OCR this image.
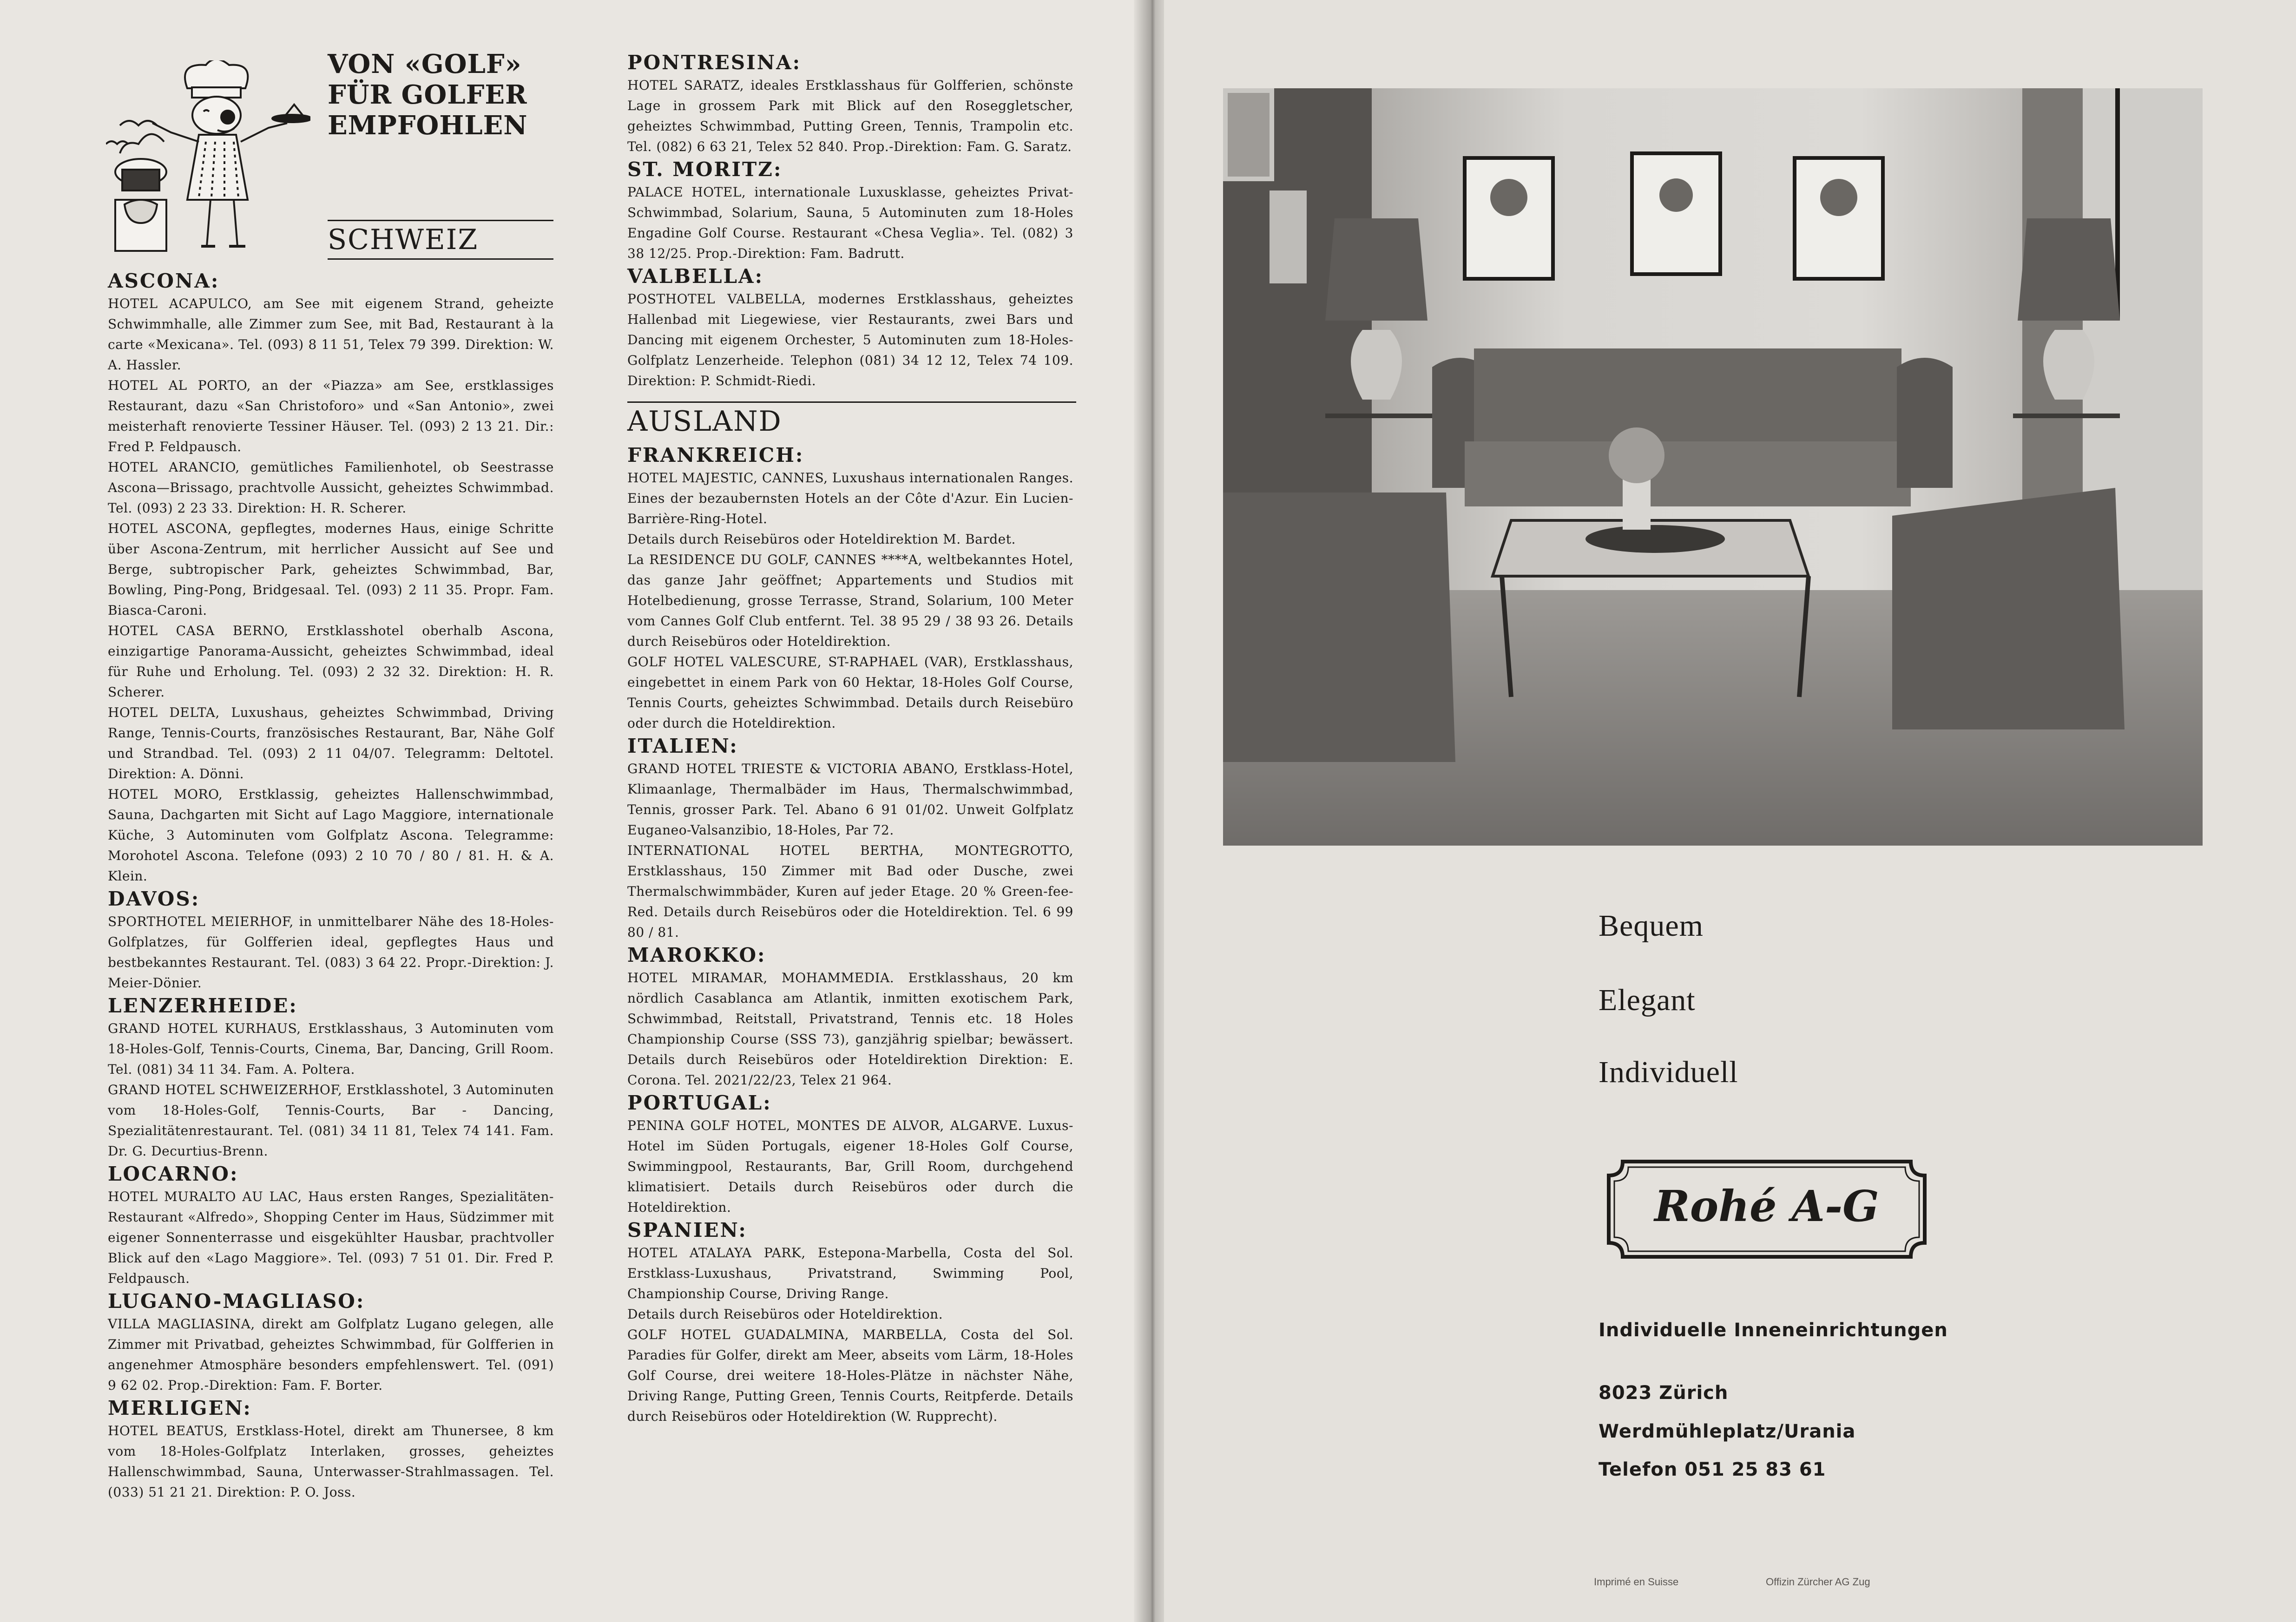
VON «GOLF»
FÜR GOLFER
EMPFOHLEN
SCHWEIZ

ASCONA:

HOTEL ACAPULCO, am See mit eigenem Strand, geheizte Schwimmhalle, alle Zimmer zum See, mit Bad, Restaurant à la carte «Mexicana». Tel. (093) 8 11 51, Telex 79 399. Direktion: W. A. Hassler.

HOTEL AL PORTO, an der «Piazza» am See, erstklassiges Restaurant, dazu «San Christoforo» und «San Antonio», zwei meisterhaft renovierte Tessiner Häuser. Tel. (093) 2 13 21. Dir.: Fred P. Feldpausch.

HOTEL ARANCIO, gemütliches Familienhotel, ob Seestrasse Ascona—Brissago, prachtvolle Aussicht, geheiztes Schwimmbad. Tel. (093) 2 23 33. Direktion: H. R. Scherer.

HOTEL ASCONA, gepflegtes, modernes Haus, einige Schritte über Ascona-Zentrum, mit herrlicher Aussicht auf See und Berge, subtropischer Park, geheiztes Schwimmbad, Bar, Bowling, Ping-Pong, Bridgesaal. Tel. (093) 2 11 35. Propr. Fam. Biasca-Caroni.

HOTEL CASA BERNO, Erstklasshotel oberhalb Ascona, einzigartige Panorama-Aussicht, geheiztes Schwimmbad, ideal für Ruhe und Erholung. Tel. (093) 2 32 32. Direktion: H. R. Scherer.

HOTEL DELTA, Luxushaus, geheiztes Schwimmbad, Driving Range, Tennis-Courts, französisches Restaurant, Bar, Nähe Golf und Strandbad. Tel. (093) 2 11 04/07. Telegramm: Deltotel. Direktion: A. Dönni.

HOTEL MORO, Erstklassig, geheiztes Hallenschwimmbad, Sauna, Dachgarten mit Sicht auf Lago Maggiore, internationale Küche, 3 Autominuten vom Golfplatz Ascona. Telegramme: Morohotel Ascona. Telefone (093) 2 10 70 / 80 / 81. H. & A. Klein.

DAVOS:

SPORTHOTEL MEIERHOF, in unmittelbarer Nähe des 18-Holes-Golfplatzes, für Golfferien ideal, gepflegtes Haus und bestbekanntes Restaurant. Tel. (083) 3 64 22. Propr.-Direktion: J. Meier-Dönier.

LENZERHEIDE:

GRAND HOTEL KURHAUS, Erstklasshaus, 3 Autominuten vom 18-Holes-Golf, Tennis-Courts, Cinema, Bar, Dancing, Grill Room. Tel. (081) 34 11 34. Fam. A. Poltera.

GRAND HOTEL SCHWEIZERHOF, Erstklasshotel, 3 Autominuten vom 18-Holes-Golf, Tennis-Courts, Bar - Dancing, Spezialitätenrestaurant. Tel. (081) 34 11 81, Telex 74 141. Fam. Dr. G. Decurtius-Brenn.

LOCARNO:

HOTEL MURALTO AU LAC, Haus ersten Ranges, Spezialitäten-Restaurant «Alfredo», Shopping Center im Haus, Südzimmer mit eigener Sonnenterrasse und eisgekühlter Hausbar, prachtvoller Blick auf den «Lago Maggiore». Tel. (093) 7 51 01. Dir. Fred P. Feldpausch.

LUGANO-MAGLIASO:

VILLA MAGLIASINA, direkt am Golfplatz Lugano gelegen, alle Zimmer mit Privatbad, geheiztes Schwimmbad, für Golfferien in angenehmer Atmosphäre besonders empfehlenswert. Tel. (091) 9 62 02. Prop.-Direktion: Fam. F. Borter.

MERLIGEN:

HOTEL BEATUS, Erstklass-Hotel, direkt am Thunersee, 8 km vom 18-Holes-Golfplatz Interlaken, grosses, geheiztes Hallenschwimmbad, Sauna, Unterwasser-Strahlmassagen. Tel. (033) 51 21 21. Direktion: P. O. Joss.

PONTRESINA:

HOTEL SARATZ, ideales Erstklasshaus für Golfferien, schönste Lage in grossem Park mit Blick auf den Roseggletscher, geheiztes Schwimmbad, Putting Green, Tennis, Trampolin etc. Tel. (082) 6 63 21, Telex 52 840. Prop.-Direktion: Fam. G. Saratz.

ST. MORITZ:

PALACE HOTEL, internationale Luxusklasse, geheiztes Privat-Schwimmbad, Solarium, Sauna, 5 Autominuten zum 18-Holes Engadine Golf Course. Restaurant «Chesa Veglia». Tel. (082) 3 38 12/25. Prop.-Direktion: Fam. Badrutt.

VALBELLA:

POSTHOTEL VALBELLA, modernes Erstklasshaus, geheiztes Hallenbad mit Liegewiese, vier Restaurants, zwei Bars und Dancing mit eigenem Orchester, 5 Autominuten zum 18-Holes-Golfplatz Lenzerheide. Telephon (081) 34 12 12, Telex 74 109. Direktion: P. Schmidt-Riedi.

AUSLAND

FRANKREICH:

HOTEL MAJESTIC, CANNES, Luxushaus internationalen Ranges. Eines der bezaubernsten Hotels an der Côte d'Azur. Ein Lucien-Barrière-Ring-Hotel.

Details durch Reisebüros oder Hoteldirektion M. Bardet.

La RESIDENCE DU GOLF, CANNES ****A, weltbekanntes Hotel, das ganze Jahr geöffnet; Appartements und Studios mit Hotelbedienung, grosse Terrasse, Strand, Solarium, 100 Meter vom Cannes Golf Club entfernt. Tel. 38 95 29 / 38 93 26. Details durch Reisebüros oder Hoteldirektion.

GOLF HOTEL VALESCURE, ST-RAPHAEL (VAR), Erstklasshaus, eingebettet in einem Park von 60 Hektar, 18-Holes Golf Course, Tennis Courts, geheiztes Schwimmbad. Details durch Reisebüro oder durch die Hoteldirektion.

ITALIEN:

GRAND HOTEL TRIESTE & VICTORIA ABANO, Erstklass-Hotel, Klimaanlage, Thermalbäder im Haus, Thermalschwimmbad, Tennis, grosser Park. Tel. Abano 6 91 01/02. Unweit Golfplatz Euganeo-Valsanzibio, 18-Holes, Par 72.

INTERNATIONAL HOTEL BERTHA, MONTEGROTTO, Erstklasshaus, 150 Zimmer mit Bad oder Dusche, zwei Thermalschwimmbäder, Kuren auf jeder Etage. 20 % Green-fee-Red. Details durch Reisebüros oder die Hoteldirektion. Tel. 6 99 80 / 81.

MAROKKO:

HOTEL MIRAMAR, MOHAMMEDIA. Erstklasshaus, 20 km nördlich Casablanca am Atlantik, inmitten exotischem Park, Schwimmbad, Reitstall, Privatstrand, Tennis etc. 18 Holes Championship Course (SSS 73), ganzjährig spielbar; bewässert. Details durch Reisebüros oder Hoteldirektion Direktion: E. Corona. Tel. 2021/22/23, Telex 21 964.

PORTUGAL:

PENINA GOLF HOTEL, MONTES DE ALVOR, ALGARVE. Luxus-Hotel im Süden Portugals, eigener 18-Holes Golf Course, Swimmingpool, Restaurants, Bar, Grill Room, durchgehend klimatisiert. Details durch Reisebüros oder durch die Hoteldirektion.

SPANIEN:

HOTEL ATALAYA PARK, Estepona-Marbella, Costa del Sol. Erstklass-Luxushaus, Privatstrand, Swimming Pool, Championship Course, Driving Range.

Details durch Reisebüros oder Hoteldirektion.

GOLF HOTEL GUADALMINA, MARBELLA, Costa del Sol. Paradies für Golfer, direkt am Meer, abseits vom Lärm, 18-Holes Golf Course, drei weitere 18-Holes-Plätze in nächster Nähe, Driving Range, Putting Green, Tennis Courts, Reitpferde. Details durch Reisebüros oder Hoteldirektion (W. Rupprecht).

Bequem
Elegant
Individuell
Rohé A-G
Individuelle Inneneinrichtungen
8023 Zürich
Werdmühleplatz/Urania
Telefon 051 25 83 61
Imprimé en Suisse	Offizin Zürcher AG Zug
